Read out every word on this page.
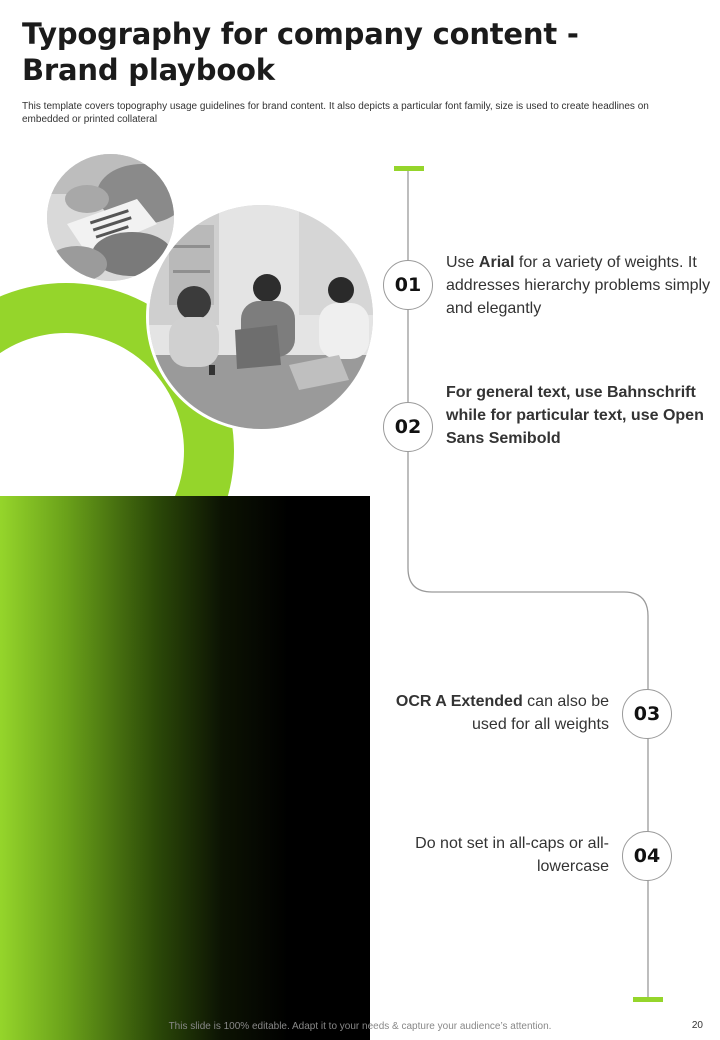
Typography for company content -
Brand playbook
This template covers topography usage guidelines for brand content. It also depicts a particular font family, size is used to create headlines on embedded or printed collateral
01
02
03
04
Use Arial for a variety of weights. It addresses hierarchy problems simply and elegantly
For general text, use Bahnschrift while for particular text, use Open Sans Semibold
OCR A Extended can also be used for all weights
Do not set in all-caps or all-lowercase
This slide is 100% editable. Adapt it to your needs & capture your audience’s attention.	20
